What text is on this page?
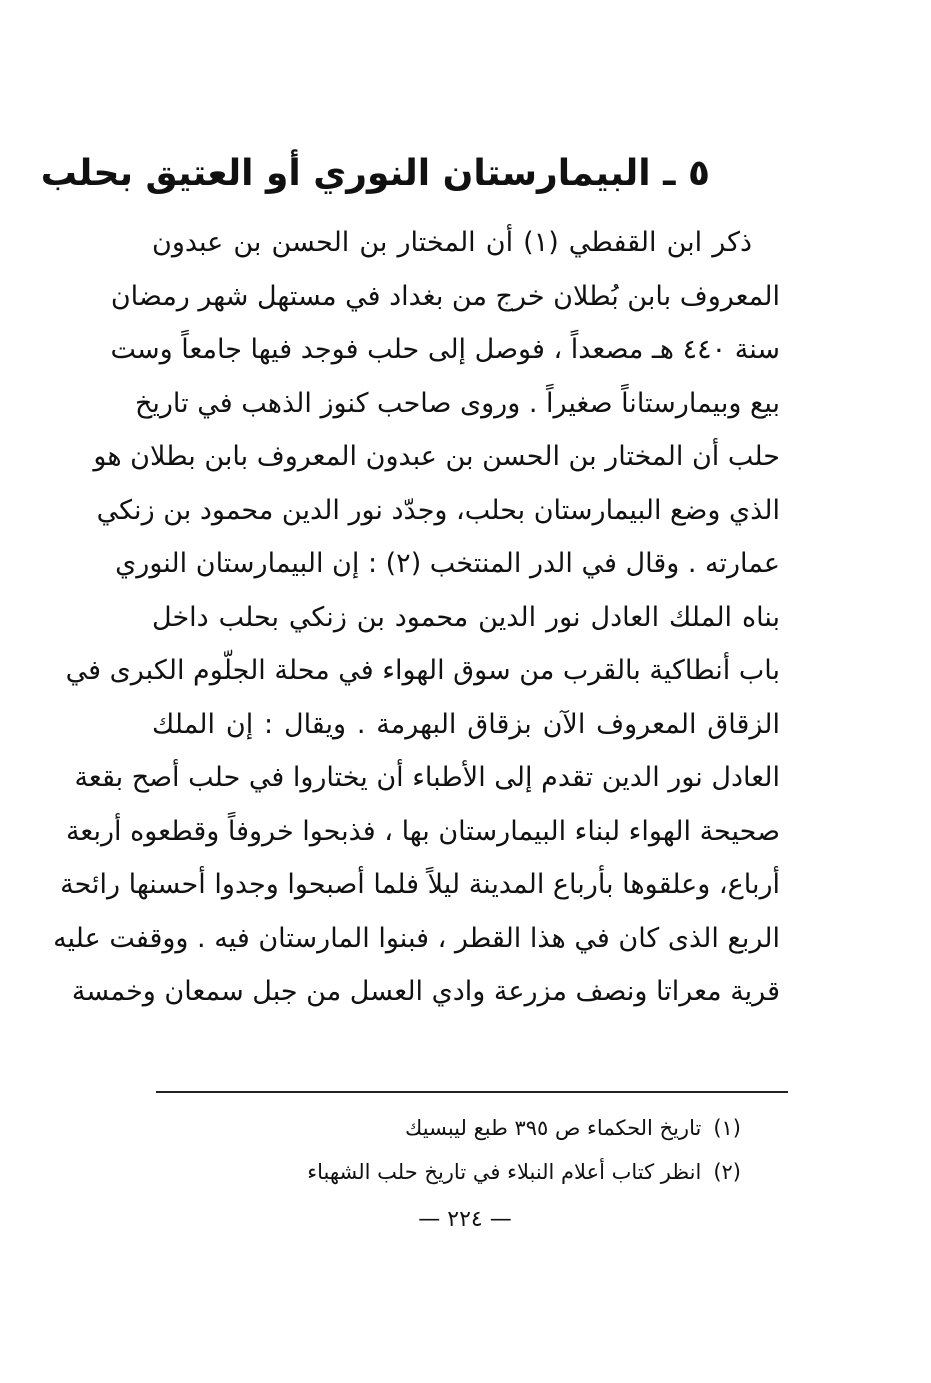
٥ ـ البيمارستان النوري أو العتيق بحلب
ذكر ابن القفطي (١) أن المختار بن الحسن بن عبدون
المعروف بابن بُطلان خرج من بغداد في مستهل شهر رمضان
سنة ٤٤٠ هـ مصعداً ، فوصل إلى حلب فوجد فيها جامعاً وست
بيع وبيمارستاناً صغيراً . وروى صاحب كنوز الذهب في تاريخ
حلب أن المختار بن الحسن بن عبدون المعروف بابن بطلان هو
الذي وضع البيمارستان بحلب، وجدّد نور الدين محمود بن زنكي
عمارته . وقال في الدر المنتخب (٢) : إن البيمارستان النوري
بناه الملك العادل نور الدين محمود بن زنكي بحلب داخل
باب أنطاكية بالقرب من سوق الهواء في محلة الجلّوم الكبرى في
الزقاق المعروف الآن بزقاق البهرمة . ويقال : إن الملك
العادل نور الدين تقدم إلى الأطباء أن يختاروا في حلب أصح بقعة
صحيحة الهواء لبناء البيمارستان بها ، فذبحوا خروفاً وقطعوه أربعة
أرباع، وعلقوها بأرباع المدينة ليلاً فلما أصبحوا وجدوا أحسنها رائحة
الربع الذى كان في هذا القطر ، فبنوا المارستان فيه . ووقفت عليه
قرية معراتا ونصف مزرعة وادي العسل من جبل سمعان وخمسة
(١)تاريخ الحكماء ص ٣٩٥ طبع ليبسيك
(٢)انظر كتاب أعلام النبلاء في تاريخ حلب الشهباء
— ٢٢٤ —
